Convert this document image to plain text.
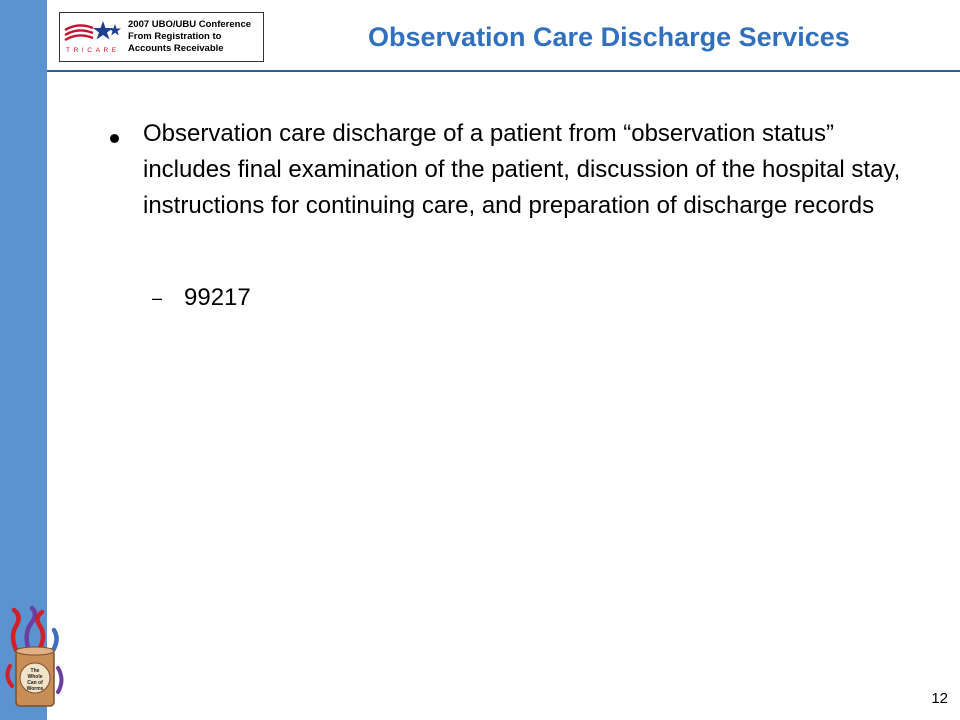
TRICARE
2007 UBO/UBU Conference
From Registration to
Accounts Receivable	Observation Care Discharge Services

Observation care discharge of a patient from “observation status” includes final examination of the patient, discussion of the hospital stay, instructions for continuing care, and preparation of discharge records

– 99217
The
Whole
Can of
Worms
12
